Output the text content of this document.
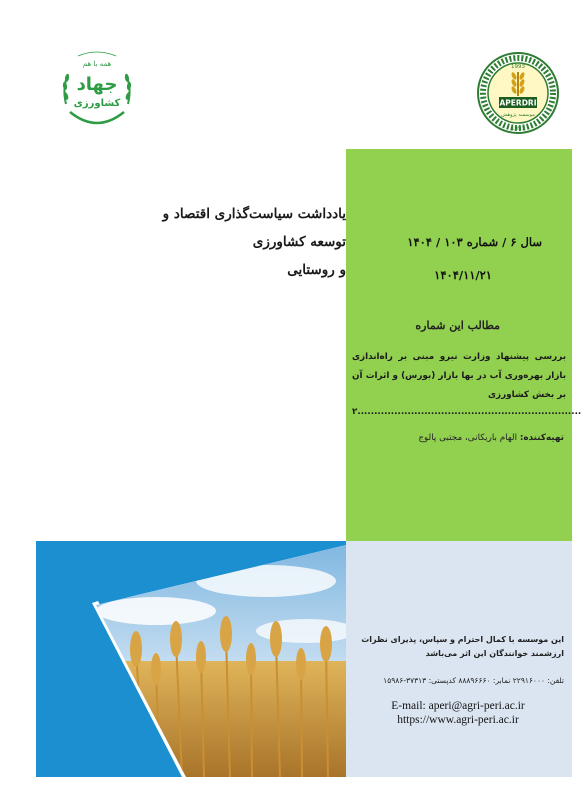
همه با هم
جهاد
کشاورزی	APERDRI
موسسه پژوهش
1993
1993
یادداشت سیاست‌گذاری اقتصاد و توسعه کشاورزی
و روستایی
سال ۶ / شماره ۱۰۳ / ۱۴۰۴
۱۴۰۴/۱۱/۲۱
مطالب این شماره
بررسی پیشنهاد وزارت نیرو مبنی بر راه‌اندازی بازار بهره‌وری آب در بها بازار (بورس) و اثرات آن بر بخش کشاورزی
۲...................................................................
تهیه‌کننده: الهام باریکانی، مجتبی پالوج
این موسسه با کمال احترام و سپاس، پذیرای نظرات ارزشمند خوانندگان این اثر می‌باشد
تلفن: ۲۲۹۱۶۰۰۰ نمابر: ۸۸۸۹۶۶۶۰ کدپستی: ۳۷۳۱۳-۱۵۹۸۶
E-mail: aperi@agri-peri.ac.ir
https://www.agri-peri.ac.ir
